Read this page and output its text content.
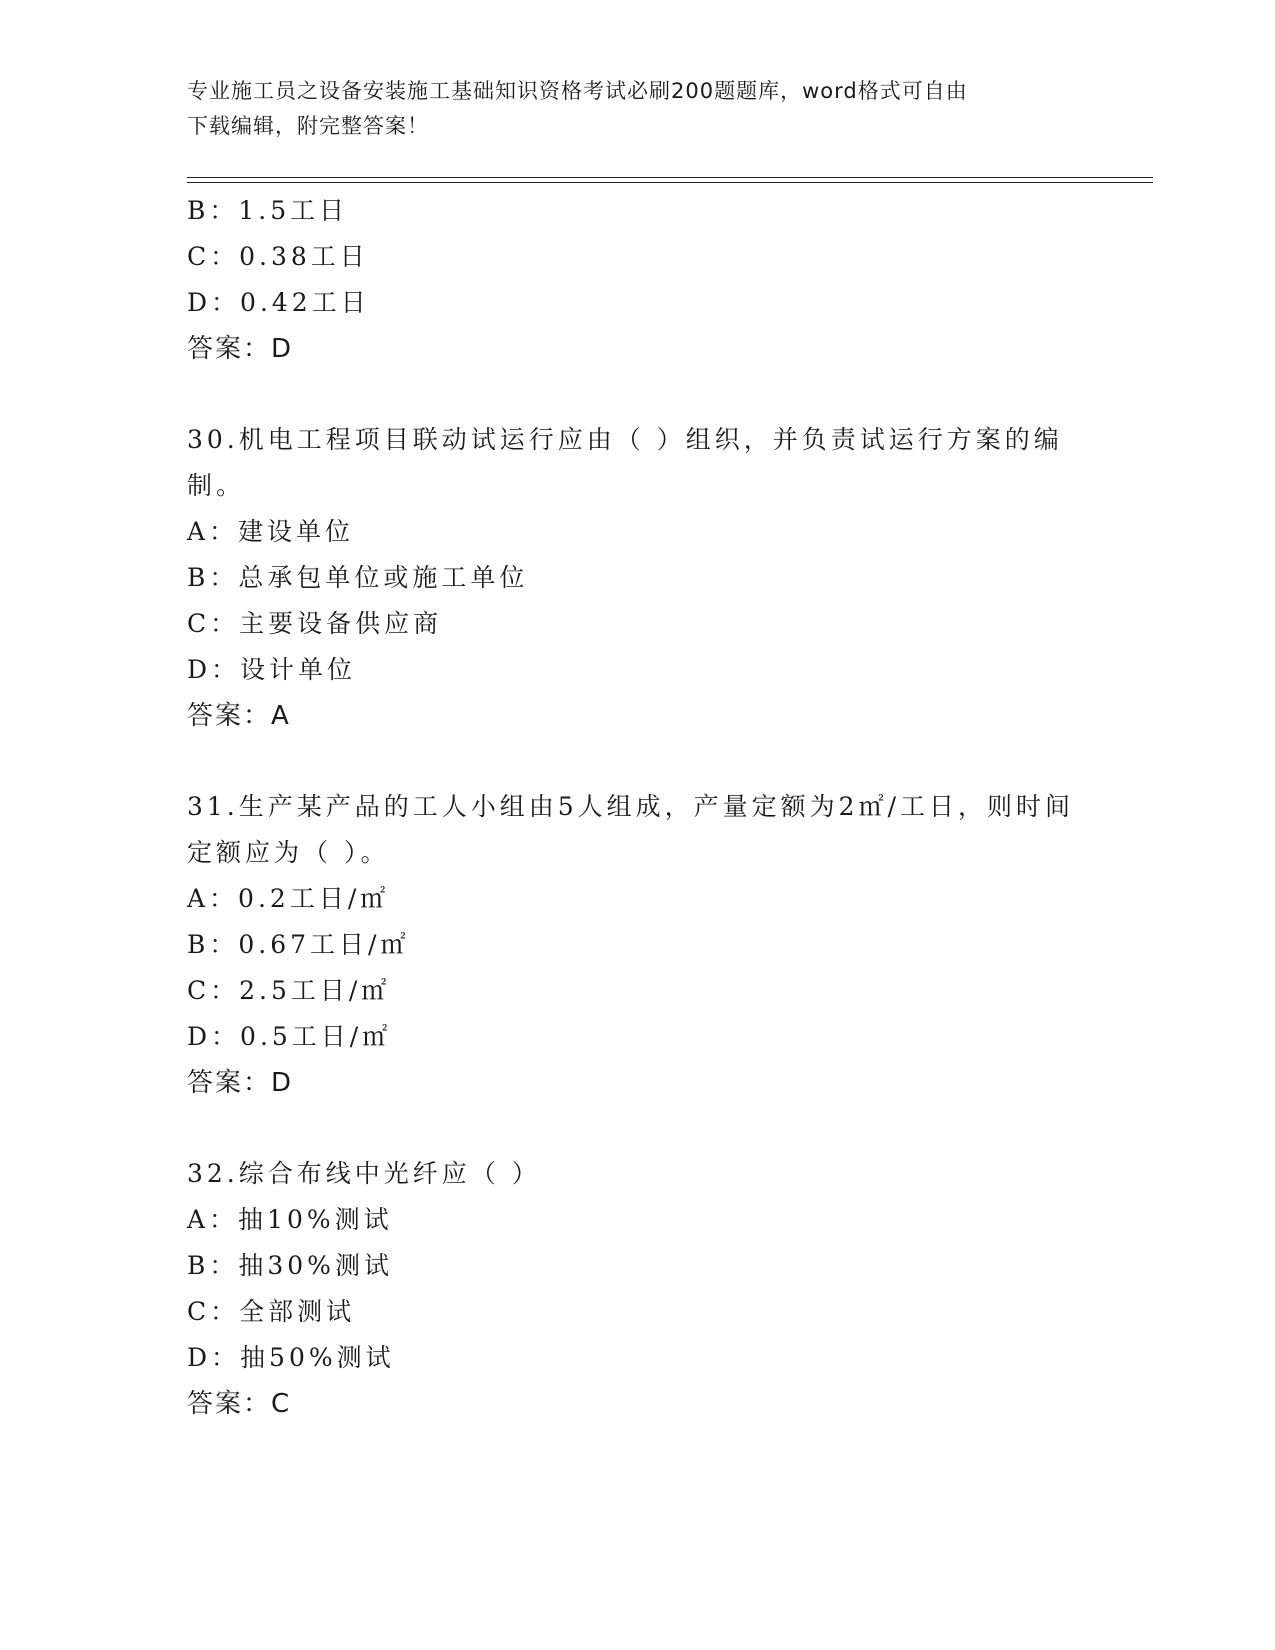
专业施工员之设备安装施工基础知识资格考试必刷200题题库，word格式可自由
下载编辑，附完整答案！
B：1.5工日
C：0.38工日
D：0.42工日
答案：D
30.机电工程项目联动试运行应由（ ）组织，并负责试运行方案的编
制。
A：建设单位
B：总承包单位或施工单位
C：主要设备供应商
D：设计单位
答案：A
31.生产某产品的工人小组由5人组成，产量定额为2㎡/工日，则时间
定额应为（ ）。
A：0.2工日/㎡
B：0.67工日/㎡
C：2.5工日/㎡
D：0.5工日/㎡
答案：D
32.综合布线中光纤应（ ）
A：抽10%测试
B：抽30%测试
C：全部测试
D：抽50%测试
答案：C
